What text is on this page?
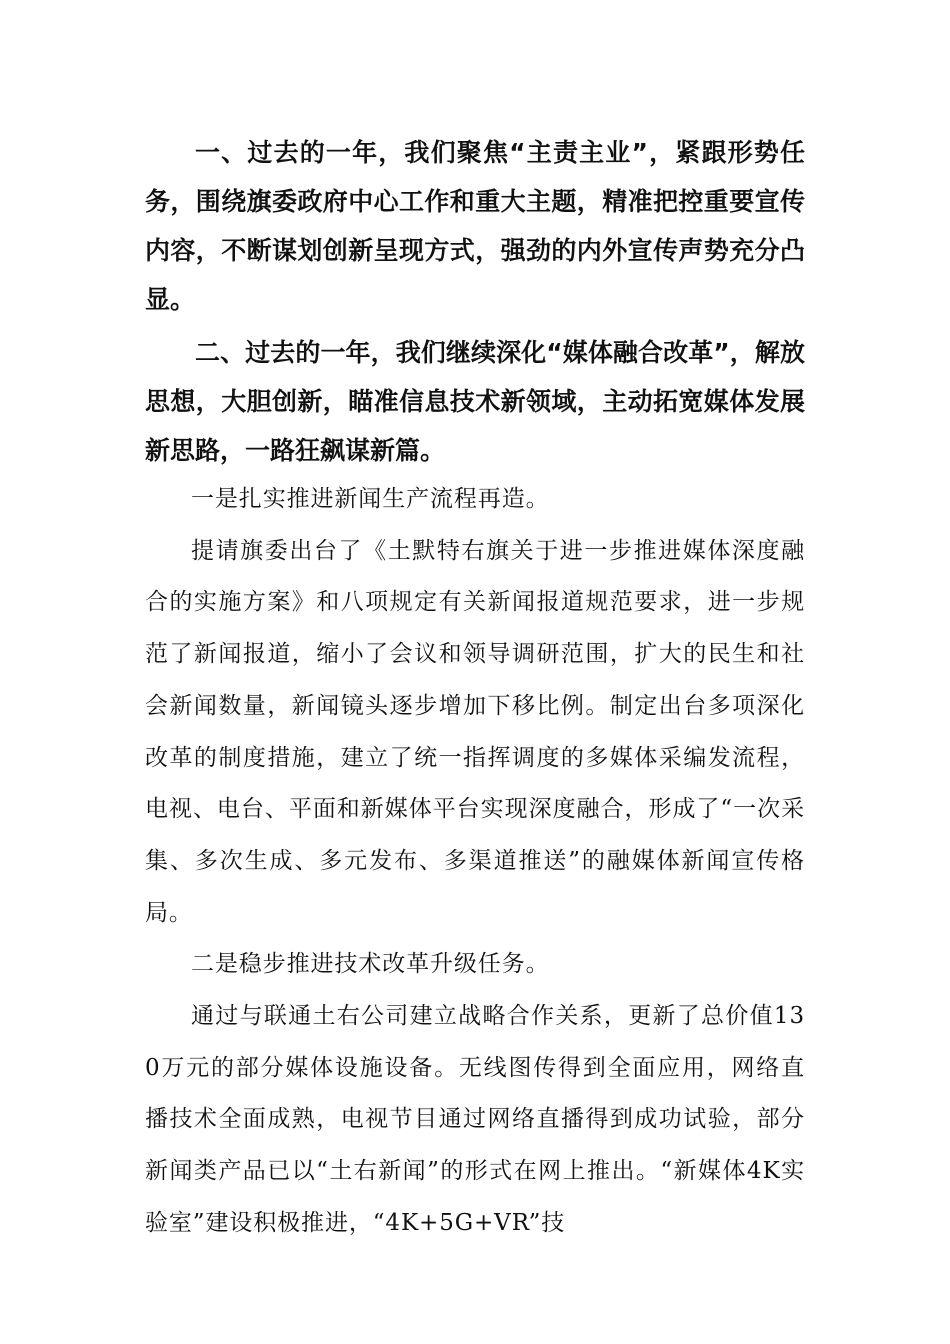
一、过去的一年，我们聚焦“主责主业”，紧跟形势任务，围绕旗委政府中心工作和重大主题，精准把控重要宣传内容，不断谋划创新呈现方式，强劲的内外宣传声势充分凸显。

二、过去的一年，我们继续深化“媒体融合改革”，解放思想，大胆创新，瞄准信息技术新领域，主动拓宽媒体发展新思路，一路狂飙谋新篇。

一是扎实推进新闻生产流程再造。

提请旗委出台了《土默特右旗关于进一步推进媒体深度融合的实施方案》和八项规定有关新闻报道规范要求，进一步规范了新闻报道，缩小了会议和领导调研范围，扩大的民生和社会新闻数量，新闻镜头逐步增加下移比例。制定出台多项深化改革的制度措施，建立了统一指挥调度的多媒体采编发流程，电视、电台、平面和新媒体平台实现深度融合，形成了“一次采集、多次生成、多元发布、多渠道推送”的融媒体新闻宣传格局。

二是稳步推进技术改革升级任务。

通过与联通土右公司建立战略合作关系，更新了总价值130万元的部分媒体设施设备。无线图传得到全面应用，网络直播技术全面成熟，电视节目通过网络直播得到成功试验，部分新闻类产品已以“土右新闻”的形式在网上推出。“新媒体4K实验室”建设积极推进，“4K+5G+VR”技
